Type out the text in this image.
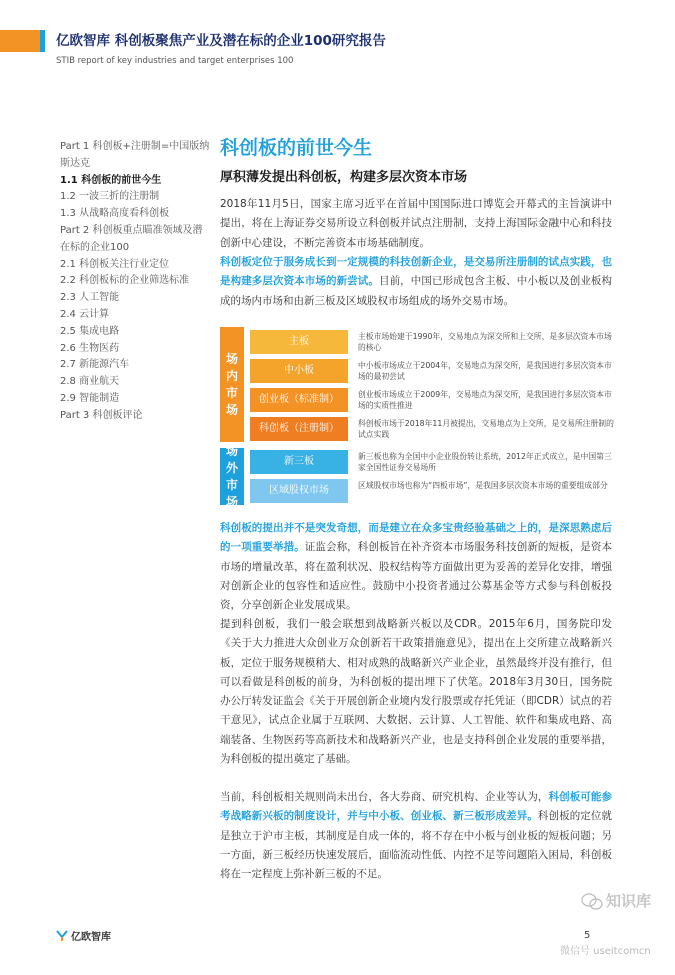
亿欧智库 科创板聚焦产业及潜在标的企业100研究报告
STIB report of key industries and target enterprises 100
Part 1 科创板+注册制=中国版纳斯达克
1.1 科创板的前世今生
1.2 一波三折的注册制
1.3 从战略高度看科创板
Part 2 科创板重点瞄准领域及潜在标的企业100
2.1 科创板关注行业定位
2.2 科创板标的企业筛选标准
2.3 人工智能
2.4 云计算
2.5 集成电路
2.6 生物医药
2.7 新能源汽车
2.8 商业航天
2.9 智能制造
Part 3 科创板评论
科创板的前世今生
厚积薄发提出科创板，构建多层次资本市场
2018年11月5日，国家主席习近平在首届中国国际进口博览会开幕式的主旨演讲中提出，将在上海证券交易所设立科创板并试点注册制，支持上海国际金融中心和科技创新中心建设，不断完善资本市场基础制度。
科创板定位于服务成长到一定规模的科技创新企业，是交易所注册制的试点实践，也是构建多层次资本市场的新尝试。目前，中国已形成包含主板、中小板以及创业板构成的场内市场和由新三板及区域股权市场组成的场外交易市场。
场内市场
场外市场
主板	主板市场始建于1990年，交易地点为深交所和上交所，是多层次资本市场的核心
中小板	中小板市场成立于2004年，交易地点为深交所，是我国进行多层次资本市场的最初尝试
创业板（标准制）	创业板市场成立于2009年，交易地点为深交所，是我国进行多层次资本市场的实质性推进
科创板（注册制）	科创板市场于2018年11月被提出，交易地点为上交所，是交易所注册制的试点实践
新三板	新三板也称为全国中小企业股份转让系统，2012年正式成立，是中国第三家全国性证券交易场所
区域股权市场	区域股权市场也称为“四板市场”，是我国多层次资本市场的重要组成部分
科创板的提出并不是突发奇想，而是建立在众多宝贵经验基础之上的，是深思熟虑后的一项重要举措。证监会称，科创板旨在补齐资本市场服务科技创新的短板，是资本市场的增量改革，将在盈利状况、股权结构等方面做出更为妥善的差异化安排，增强对创新企业的包容性和适应性。鼓励中小投资者通过公募基金等方式参与科创板投资，分享创新企业发展成果。
提到科创板，我们一般会联想到战略新兴板以及CDR。2015年6月，国务院印发《关于大力推进大众创业万众创新若干政策措施意见》，提出在上交所建立战略新兴板，定位于服务规模稍大、相对成熟的战略新兴产业企业，虽然最终并没有推行，但可以看做是科创板的前身，为科创板的提出埋下了伏笔。2018年3月30日，国务院办公厅转发证监会《关于开展创新企业境内发行股票或存托凭证（即CDR）试点的若干意见》，试点企业属于互联网、大数据、云计算、人工智能、软件和集成电路、高端装备、生物医药等高新技术和战略新兴产业，也是支持科创企业发展的重要举措，为科创板的提出奠定了基础。
当前，科创板相关规则尚未出台，各大券商、研究机构、企业等认为，科创板可能参考战略新兴板的制度设计，并与中小板、创业板、新三板形成差异。科创板的定位就是独立于沪市主板，其制度是自成一体的，将不存在中小板与创业板的短板问题；另一方面，新三板经历快速发展后，面临流动性低、内控不足等问题陷入困局，科创板将在一定程度上弥补新三板的不足。
亿欧智库	5
知识库
微信号 useitcomcn
